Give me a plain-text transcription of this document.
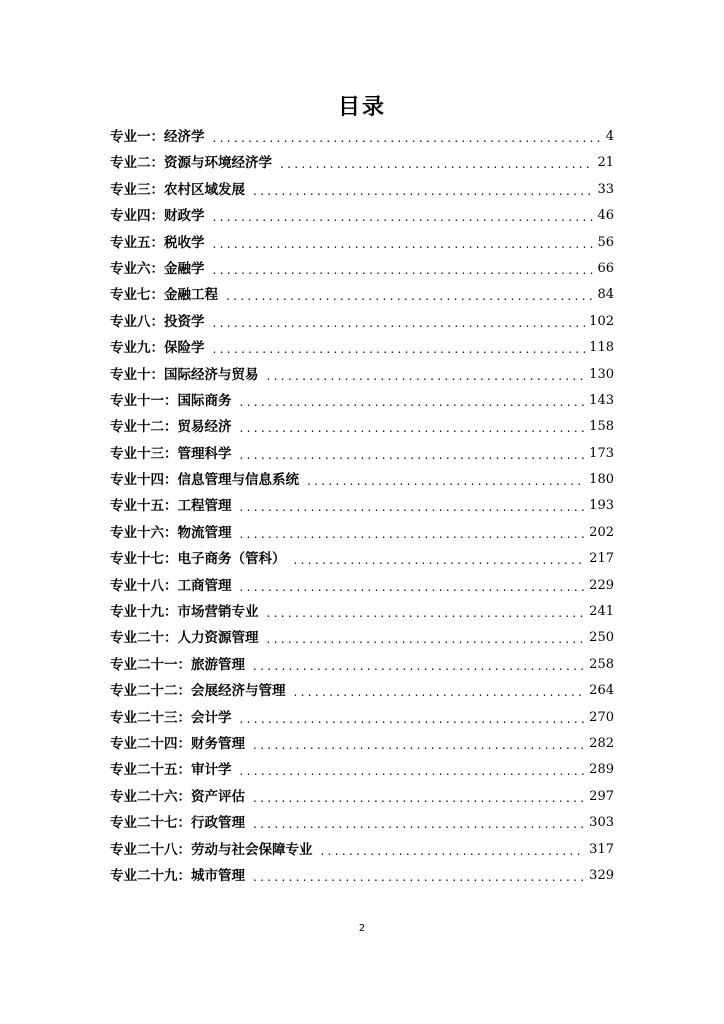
目录
专业一：经济学 .....	4
专业二：资源与环境经济学 .....	21
专业三：农村区域发展 .....	33
专业四：财政学 .....	46
专业五：税收学 .....	56
专业六：金融学 .....	66
专业七：金融工程 .....	84
专业八：投资学 .....	102
专业九：保险学 .....	118
专业十：国际经济与贸易 .....	130
专业十一：国际商务 .....	143
专业十二：贸易经济 .....	158
专业十三：管理科学 .....	173
专业十四：信息管理与信息系统 .....	180
专业十五：工程管理 .....	193
专业十六：物流管理 .....	202
专业十七：电子商务（管科） .....	217
专业十八：工商管理 .....	229
专业十九：市场营销专业 .....	241
专业二十：人力资源管理 .....	250
专业二十一：旅游管理 .....	258
专业二十二：会展经济与管理 .....	264
专业二十三：会计学 .....	270
专业二十四：财务管理 .....	282
专业二十五：审计学 .....	289
专业二十六：资产评估 .....	297
专业二十七：行政管理 .....	303
专业二十八：劳动与社会保障专业 .....	317
专业二十九：城市管理 .....	329
2
